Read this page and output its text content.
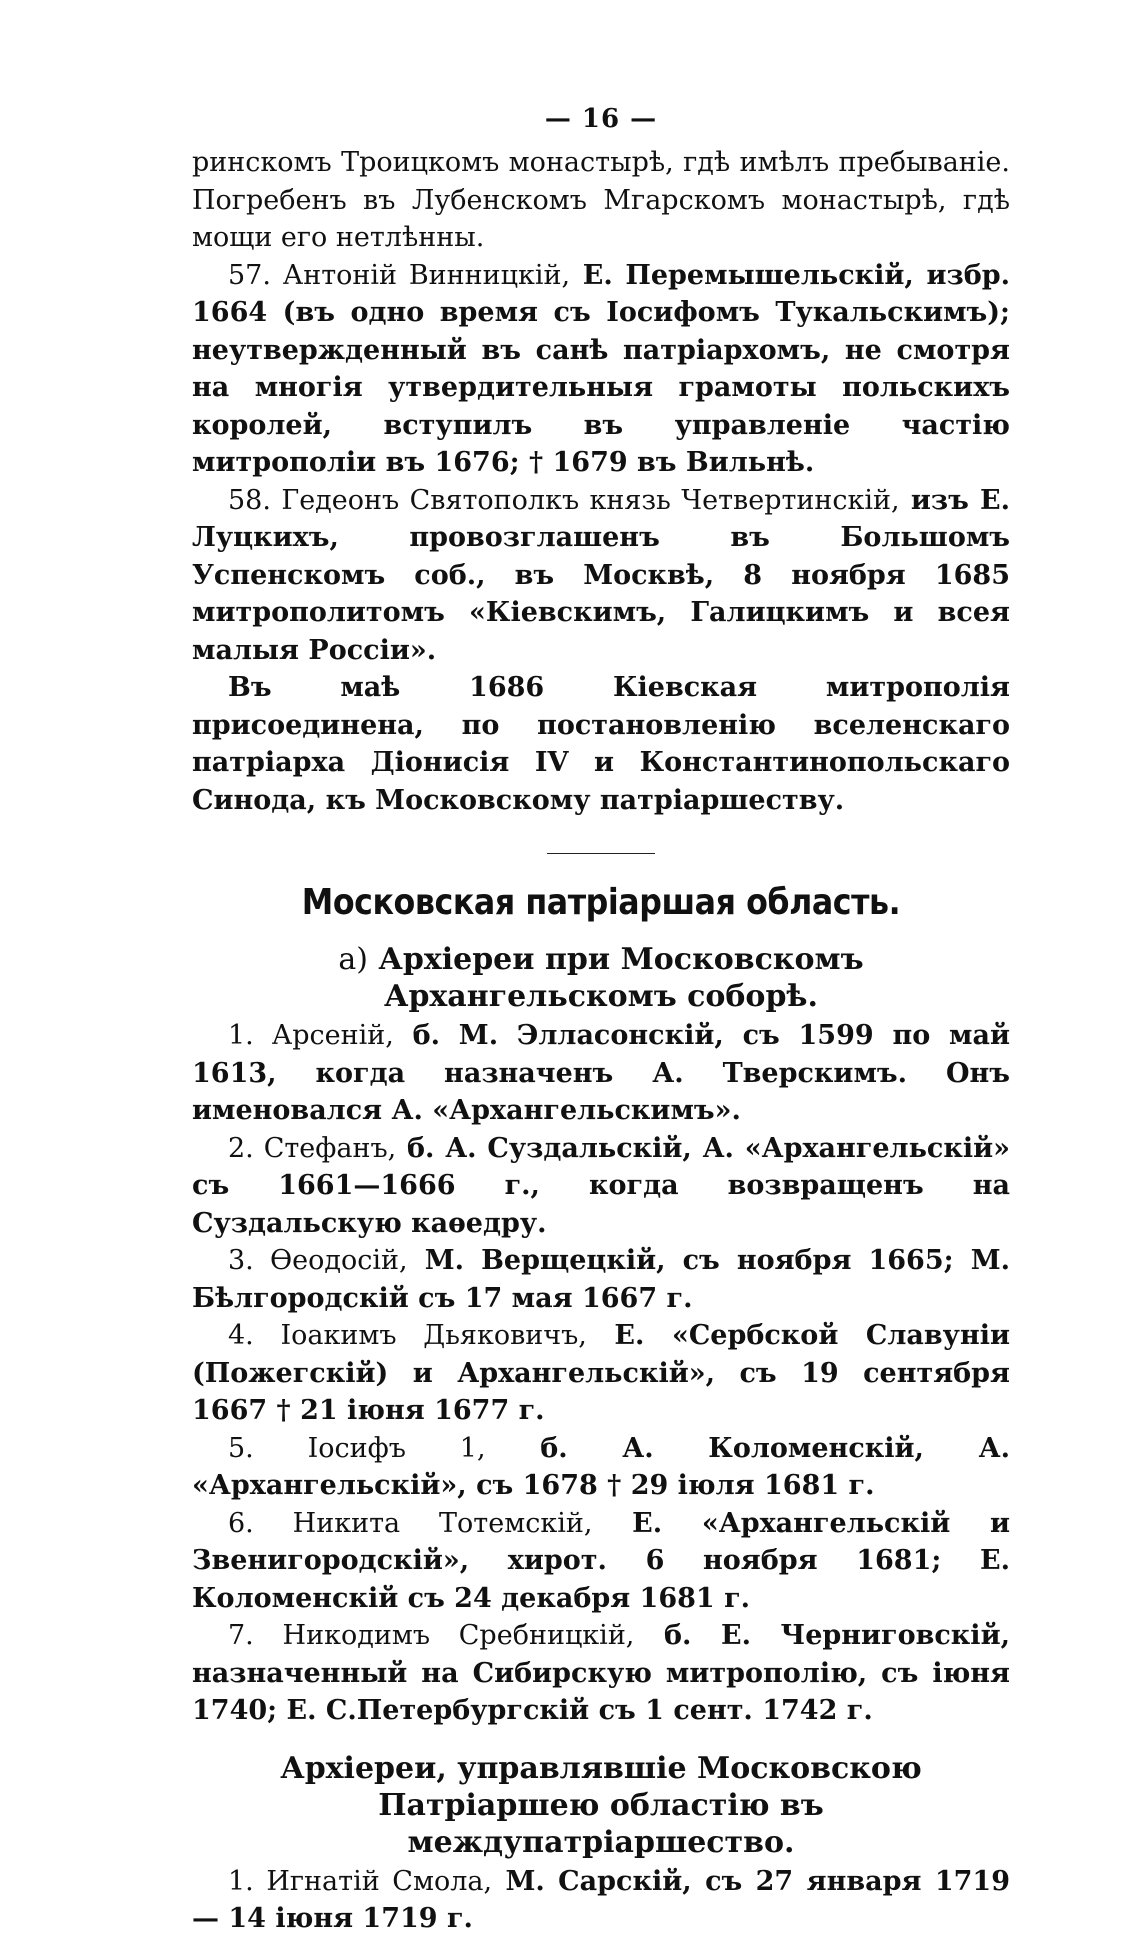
— 16 —

ринскомъ Троицкомъ монастырѣ, гдѣ имѣлъ пребываніе. Погребенъ въ Лубенскомъ Мгарскомъ монастырѣ, гдѣ мощи его нетлѣнны.

57. Антоній Винницкій, Е. Перемышельскій, избр. 1664 (въ одно время съ Іосифомъ Тукальскимъ); неутвержденный въ санѣ патріархомъ, не смотря на многія утвердительныя грамоты польскихъ королей, вступилъ въ управленіе частію митрополіи въ 1676; † 1679 въ Вильнѣ.

58. Гедеонъ Святополкъ князь Четвертинскій, изъ Е. Луцкихъ, провозглашенъ въ Большомъ Успенскомъ соб., въ Москвѣ, 8 ноября 1685 митрополитомъ «Кіевскимъ, Галицкимъ и всея малыя Россіи».

Въ маѣ 1686 Кіевская митрополія присоединена, по постановленію вселенскаго патріарха Діонисія IV и Константинопольскаго Синода, къ Московскому патріаршеству.

Московская патріаршая область.
а) Архіереи при Московскомъ Архангельскомъ соборѣ.

1. Арсеній, б. М. Элласонскій, съ 1599 по май 1613, когда назначенъ А. Тверскимъ. Онъ именовался А. «Архангельскимъ».

2. Стефанъ, б. А. Суздальскій, А. «Архангельскій» съ 1661—1666 г., когда возвращенъ на Суздальскую каѳедру.

3. Ѳеодосій, М. Верщецкій, съ ноября 1665; М. Бѣлгородскій съ 17 мая 1667 г.

4. Іоакимъ Дьяковичъ, Е. «Сербской Славуніи (Пожегскій) и Архангельскій», съ 19 сентября 1667 † 21 іюня 1677 г.

5. Іосифъ 1, б. А. Коломенскій, А. «Архангельскій», съ 1678 † 29 іюля 1681 г.

6. Никита Тотемскій, Е. «Архангельскій и Звенигородскій», хирот. 6 ноября 1681; Е. Коломенскій съ 24 декабря 1681 г.

7. Никодимъ Сребницкій, б. Е. Черниговскій, назначенный на Сибирскую митрополію, съ іюня 1740; Е. С.Петербургскій съ 1 сент. 1742 г.

Архіереи, управлявшіе Московскою Патріаршею областію въ междупатріаршество.

1. Игнатій Смола, М. Сарскій, съ 27 января 1719 — 14 іюня 1719 г.
